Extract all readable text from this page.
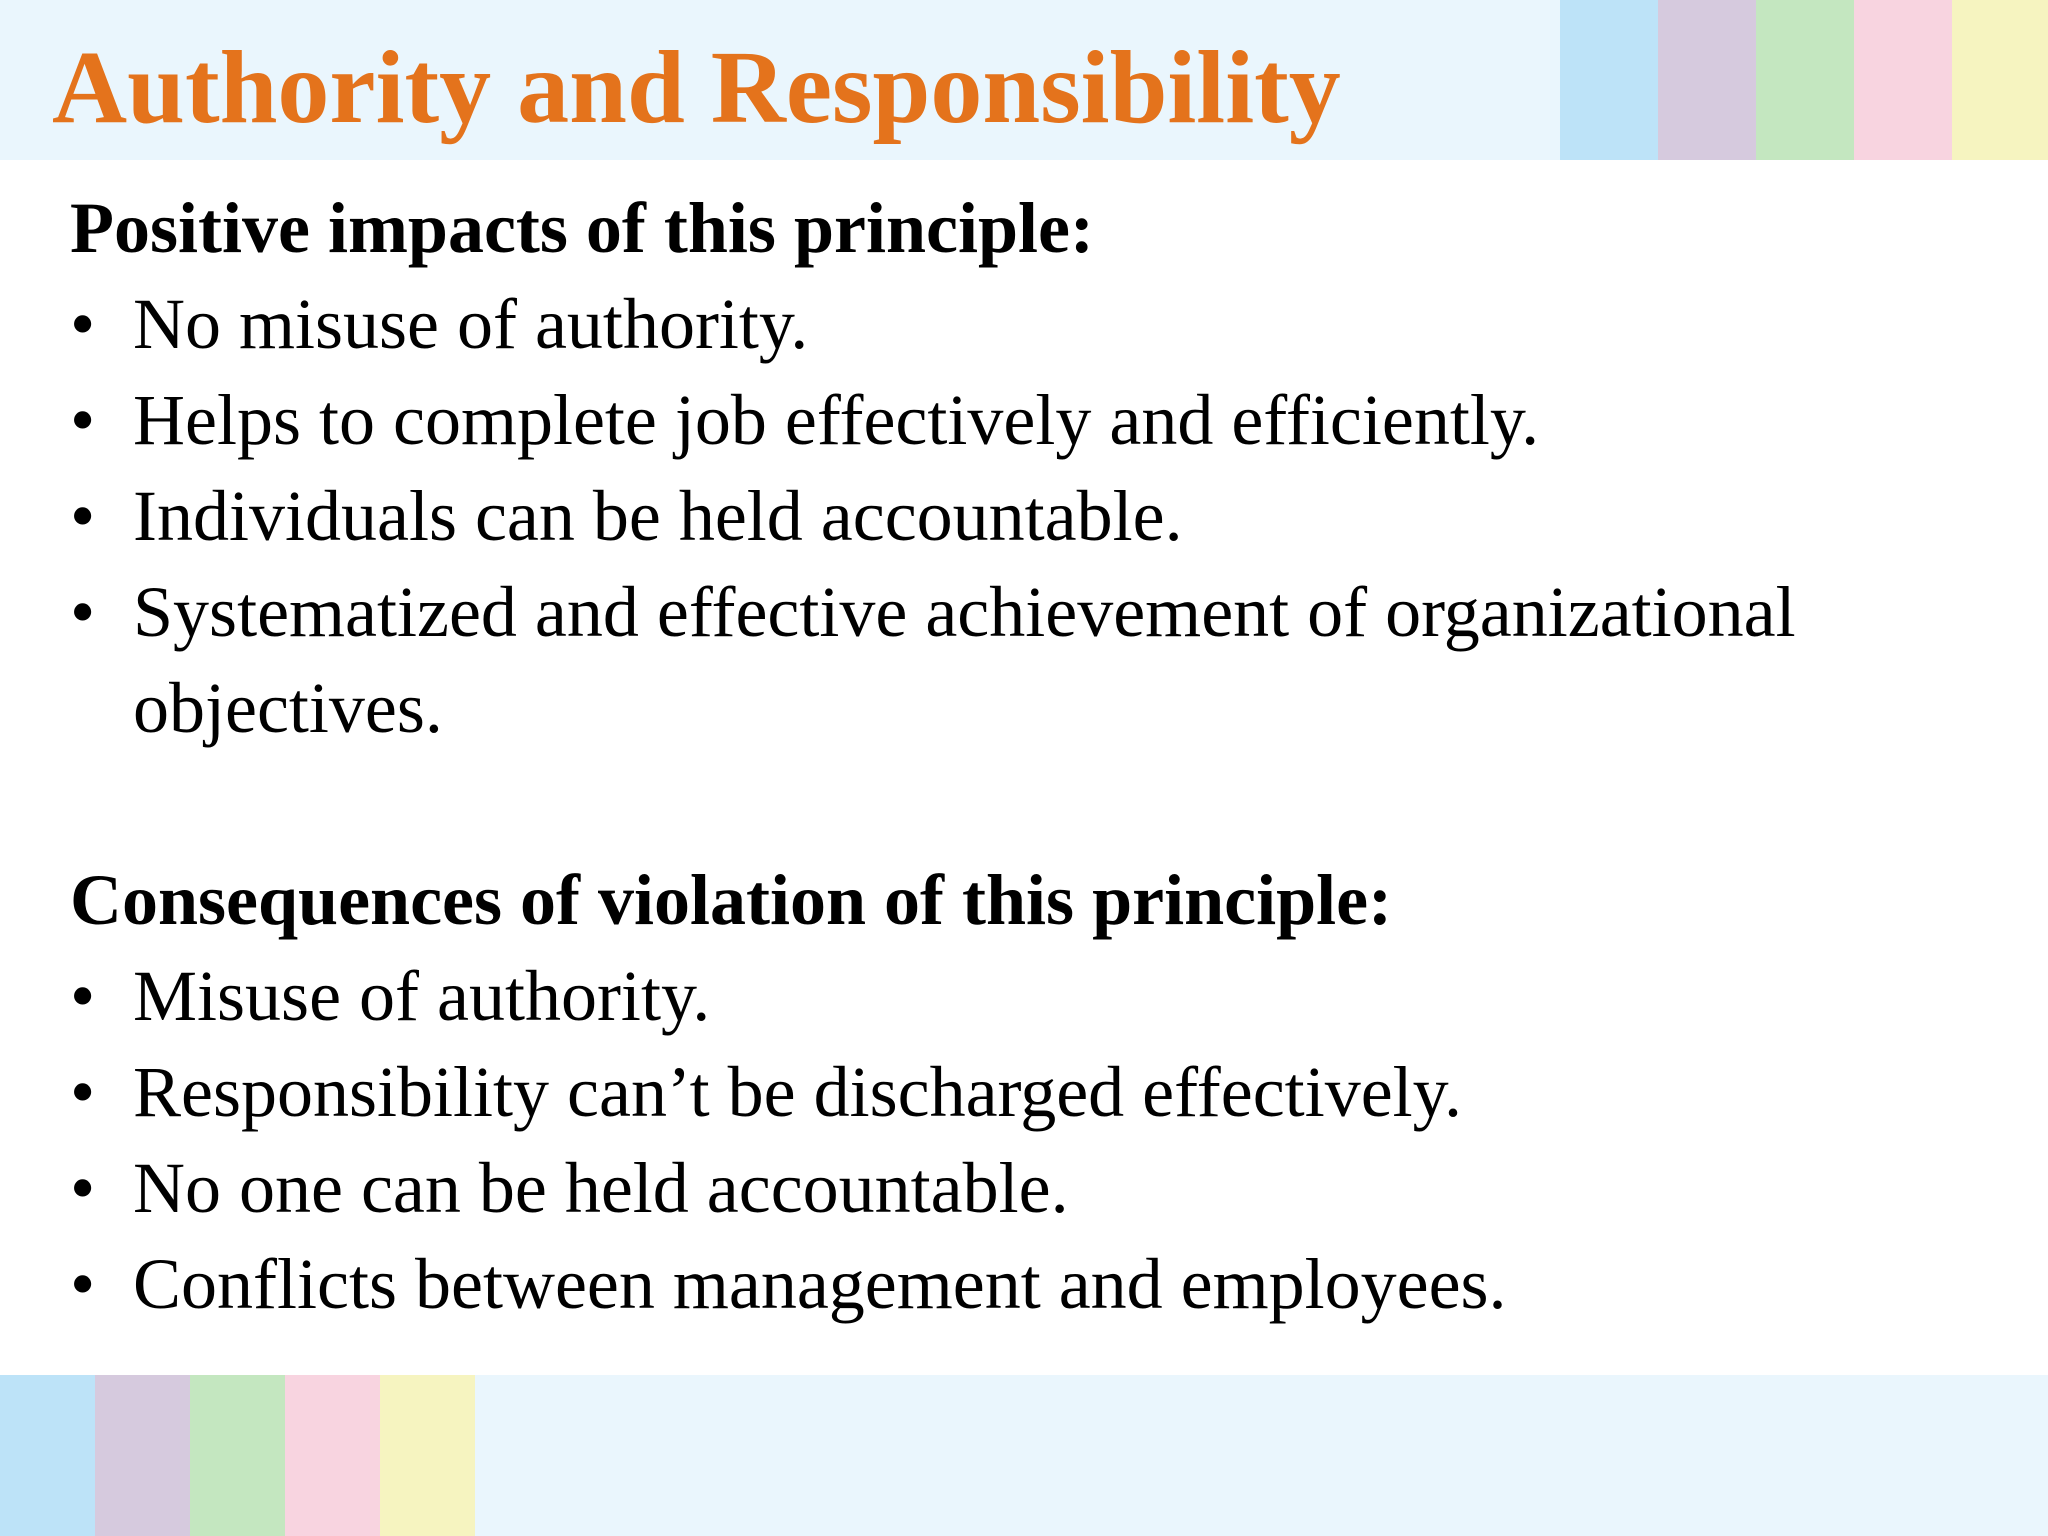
Authority and Responsibility
Positive impacts of this principle:
• No misuse of authority.
• Helps to complete job effectively and efficiently.
• Individuals can be held accountable.
• Systematized and effective achievement of organizational objectives.
Consequences of violation of this principle:
• Misuse of authority.
• Responsibility can’t be discharged effectively.
• No one can be held accountable.
• Conflicts between management and employees.
